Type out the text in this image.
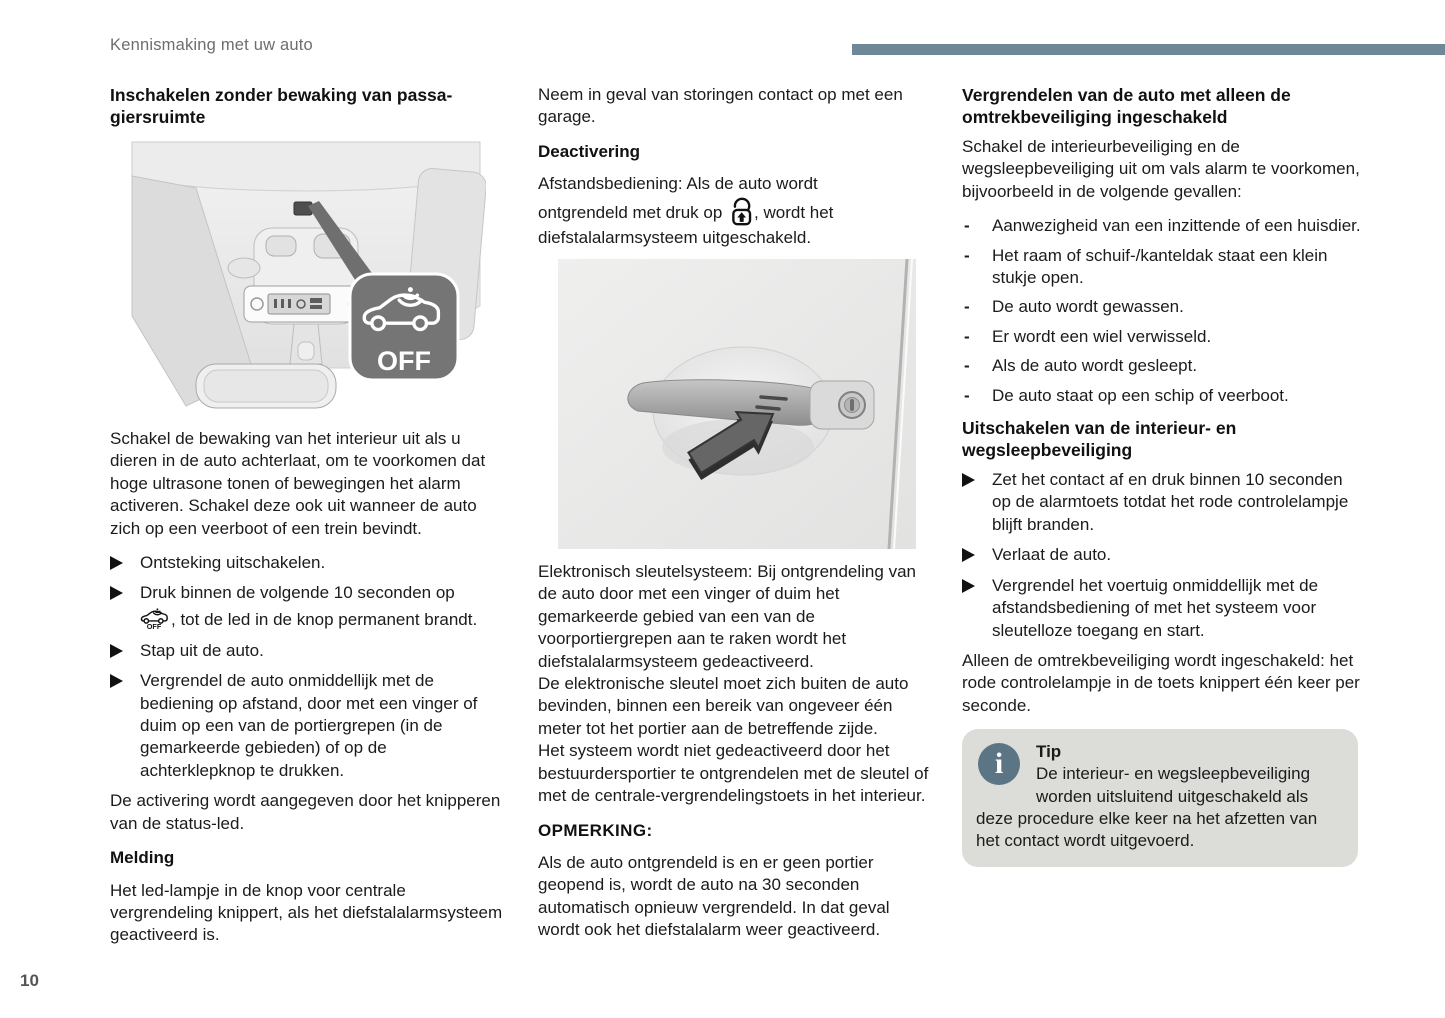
Kennismaking met uw auto
Inschakelen zonder bewaking van passa-
giersruimte
OFF

Schakel de bewaking van het interieur uit als u dieren in de auto achterlaat, om te voorkomen dat hoge ultrasone tonen of bewegingen het alarm activeren. Schakel deze ook uit wanneer de auto zich op een veerboot of een trein bevindt.

Ontsteking uitschakelen.
Druk binnen de volgende 10 seconden op
OFF , tot de led in de knop permanent brandt.
Stap uit de auto.
Vergrendel de auto onmiddellijk met de bediening op afstand, door met een vinger of duim op een van de portiergrepen (in de gemarkeerde gebieden) of op de achterklepknop te drukken.

De activering wordt aangegeven door het knipperen van de status-led.

Melding

Het led-lampje in de knop voor centrale vergrendeling knippert, als het diefstalalarmsysteem geactiveerd is.

Neem in geval van storingen contact op met een garage.

Deactivering
Afstandsbediening: Als de auto wordt
ontgrendeld met druk op , wordt het
diefstalalarmsysteem uitgeschakeld.
Elektronisch sleutelsysteem: Bij ontgrendeling van de auto door met een vinger of duim het gemarkeerde gebied van een van de voorportiergrepen aan te raken wordt het diefstalalarmsysteem gedeactiveerd.
De elektronische sleutel moet zich buiten de auto bevinden, binnen een bereik van ongeveer één meter tot het portier aan de betreffende zijde.
Het systeem wordt niet gedeactiveerd door het bestuurdersportier te ontgrendelen met de sleutel of met de centrale-vergrendelingstoets in het interieur.
OPMERKING:

Als de auto ontgrendeld is en er geen portier geopend is, wordt de auto na 30 seconden automatisch opnieuw vergrendeld. In dat geval wordt ook het diefstalalarm weer geactiveerd.

Vergrendelen van de auto met alleen de
omtrekbeveiliging ingeschakeld

Schakel de interieurbeveiliging en de wegsleepbeveiliging uit om vals alarm te voorkomen, bijvoorbeeld in de volgende gevallen:

-	Aanwezigheid van een inzittende of een huisdier.
-	Het raam of schuif-/kanteldak staat een klein stukje open.
-	De auto wordt gewassen.
-	Er wordt een wiel verwisseld.
-	Als de auto wordt gesleept.
-	De auto staat op een schip of veerboot.
Uitschakelen van de interieur- en
wegsleepbeveiliging
Zet het contact af en druk binnen 10 seconden op de alarmtoets totdat het rode controlelampje blijft branden.
Verlaat de auto.
Vergrendel het voertuig onmiddellijk met de afstandsbediening of met het systeem voor sleutelloze toegang en start.

Alleen de omtrekbeveiliging wordt ingeschakeld: het rode controlelampje in de toets knippert één keer per seconde.

i	Tip
De interieur- en wegsleepbeveiliging worden uitsluitend uitgeschakeld als deze procedure elke keer na het afzetten van het contact wordt uitgevoerd.
10
